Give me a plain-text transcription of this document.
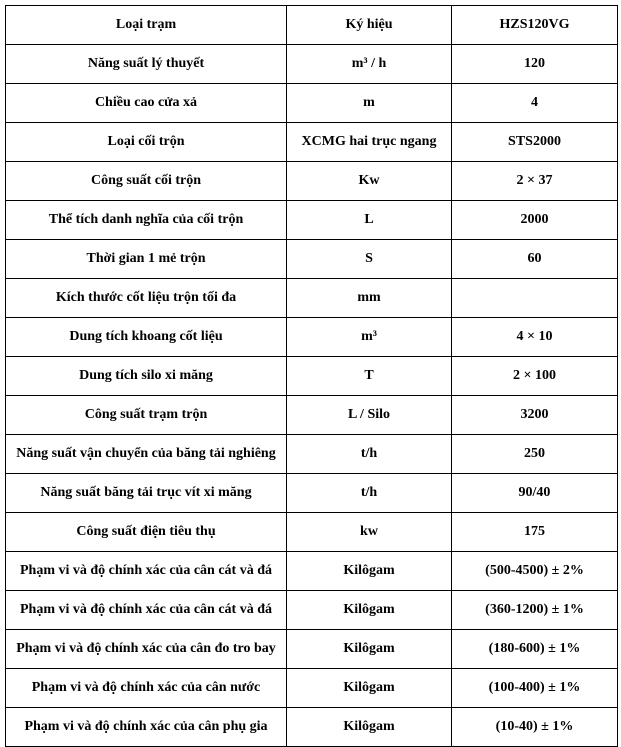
Loại trạm	Ký hiệu	HZS120VG
Năng suất lý thuyết	m³ / h	120
Chiều cao cửa xả	m	4
Loại cối trộn	XCMG hai trục ngang	STS2000
Công suất cối trộn	Kw	2 × 37
Thể tích danh nghĩa của cối trộn	L	2000
Thời gian 1 mẻ trộn	S	60
Kích thước cốt liệu trộn tối đa	mm	
Dung tích khoang cốt liệu	m³	4 × 10
Dung tích silo xi măng	T	2 × 100
Công suất trạm trộn	L / Silo	3200
Năng suất vận chuyển của băng tải nghiêng	t/h	250
Năng suất băng tải trục vít xi măng	t/h	90/40
Công suất điện tiêu thụ	kw	175
Phạm vi và độ chính xác của cân cát và đá	Kilôgam	(500-4500) ± 2%
Phạm vi và độ chính xác của cân cát và đá	Kilôgam	(360-1200) ± 1%
Phạm vi và độ chính xác của cân đo tro bay	Kilôgam	(180-600) ± 1%
Phạm vi và độ chính xác của cân nước	Kilôgam	(100-400) ± 1%
Phạm vi và độ chính xác của cân phụ gia	Kilôgam	(10-40) ± 1%
